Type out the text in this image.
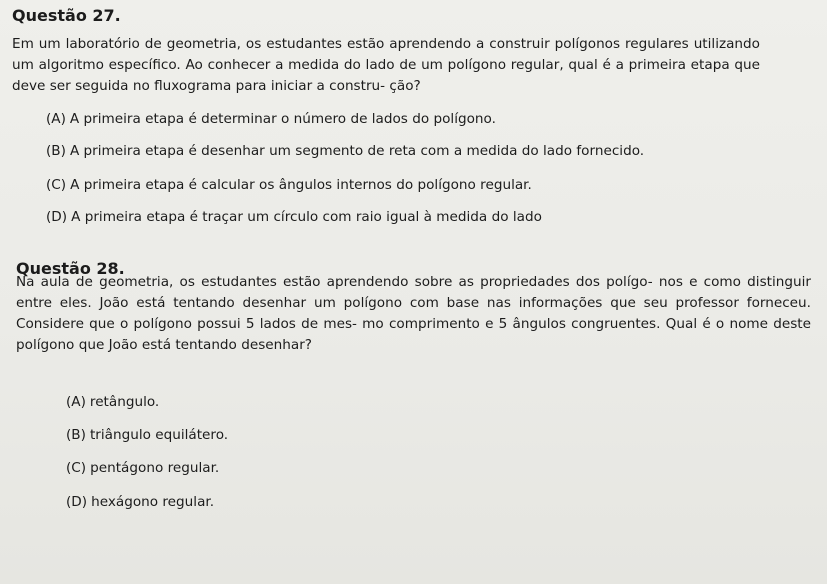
Questão 27.

Em um laboratório de geometria, os estudantes estão aprendendo a construir polígonos regulares utilizando um algoritmo específico. Ao conhecer a medida do lado de um polígono regular, qual é a primeira etapa que deve ser seguida no fluxograma para iniciar a constru- ção?

(A) A primeira etapa é determinar o número de lados do polígono.

(B) A primeira etapa é desenhar um segmento de reta com a medida do lado fornecido.

(C) A primeira etapa é calcular os ângulos internos do polígono regular.

(D) A primeira etapa é traçar um círculo com raio igual à medida do lado

Questão 28.

Na aula de geometria, os estudantes estão aprendendo sobre as propriedades dos polígo- nos e como distinguir entre eles. João está tentando desenhar um polígono com base nas informações que seu professor forneceu. Considere que o polígono possui 5 lados de mes- mo comprimento e 5 ângulos congruentes. Qual é o nome deste polígono que João está tentando desenhar?

(A) retângulo.

(B) triângulo equilátero.

(C) pentágono regular.

(D) hexágono regular.
